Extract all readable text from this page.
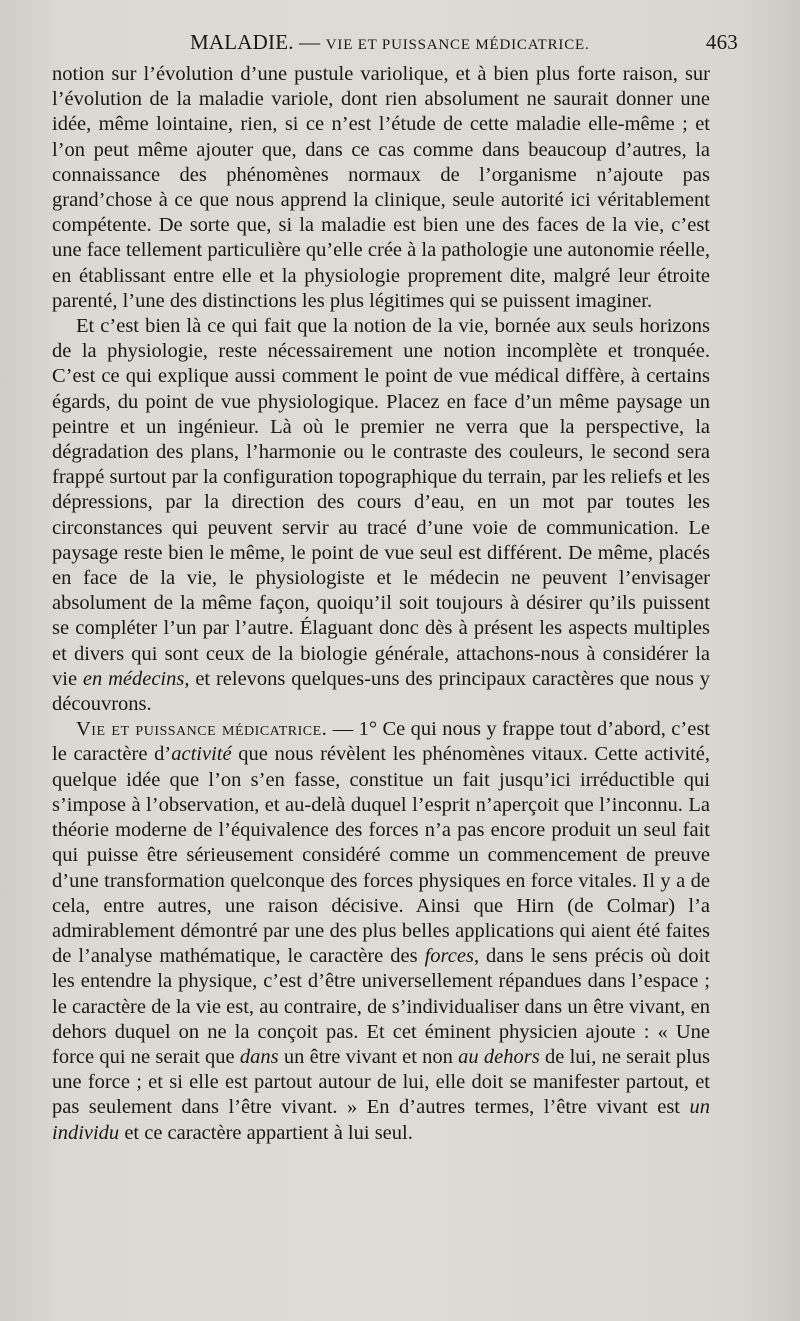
MALADIE. — VIE ET PUISSANCE MÉDICATRICE.	463

notion sur l’évolution d’une pustule variolique, et à bien plus forte raison, sur l’évolution de la maladie variole, dont rien absolument ne saurait donner une idée, même lointaine, rien, si ce n’est l’étude de cette maladie elle-même ; et l’on peut même ajouter que, dans ce cas comme dans beaucoup d’autres, la connaissance des phénomènes normaux de l’organisme n’ajoute pas grand’chose à ce que nous apprend la clinique, seule autorité ici véritablement compétente. De sorte que, si la maladie est bien une des faces de la vie, c’est une face tellement particulière qu’elle crée à la pathologie une autonomie réelle, en établissant entre elle et la physiologie proprement dite, malgré leur étroite parenté, l’une des distinctions les plus légitimes qui se puissent imaginer.

Et c’est bien là ce qui fait que la notion de la vie, bornée aux seuls horizons de la physiologie, reste nécessairement une notion incomplète et tronquée. C’est ce qui explique aussi comment le point de vue médical diffère, à certains égards, du point de vue physiologique. Placez en face d’un même paysage un peintre et un ingénieur. Là où le premier ne verra que la perspective, la dégradation des plans, l’harmonie ou le contraste des couleurs, le second sera frappé surtout par la configuration topographique du terrain, par les reliefs et les dépressions, par la direction des cours d’eau, en un mot par toutes les circonstances qui peuvent servir au tracé d’une voie de communication. Le paysage reste bien le même, le point de vue seul est différent. De même, placés en face de la vie, le physiologiste et le médecin ne peuvent l’envisager absolument de la même façon, quoiqu’il soit toujours à désirer qu’ils puissent se compléter l’un par l’autre. Élaguant donc dès à présent les aspects multiples et divers qui sont ceux de la biologie générale, attachons-nous à considérer la vie en médecins, et relevons quelques-uns des principaux caractères que nous y découvrons.

Vie et puissance médicatrice. — 1° Ce qui nous y frappe tout d’abord, c’est le caractère d’activité que nous révèlent les phénomènes vitaux. Cette activité, quelque idée que l’on s’en fasse, constitue un fait jusqu’ici irréductible qui s’impose à l’observation, et au-delà duquel l’esprit n’aperçoit que l’inconnu. La théorie moderne de l’équivalence des forces n’a pas encore produit un seul fait qui puisse être sérieusement considéré comme un commencement de preuve d’une transformation quelconque des forces physiques en force vitales. Il y a de cela, entre autres, une raison décisive. Ainsi que Hirn (de Colmar) l’a admirablement démontré par une des plus belles applications qui aient été faites de l’analyse mathématique, le caractère des forces, dans le sens précis où doit les entendre la physique, c’est d’être universellement répandues dans l’espace ; le caractère de la vie est, au contraire, de s’individualiser dans un être vivant, en dehors duquel on ne la conçoit pas. Et cet éminent physicien ajoute : « Une force qui ne serait que dans un être vivant et non au dehors de lui, ne serait plus une force ; et si elle est partout autour de lui, elle doit se manifester partout, et pas seulement dans l’être vivant. » En d’autres termes, l’être vivant est un individu et ce caractère appartient à lui seul.
